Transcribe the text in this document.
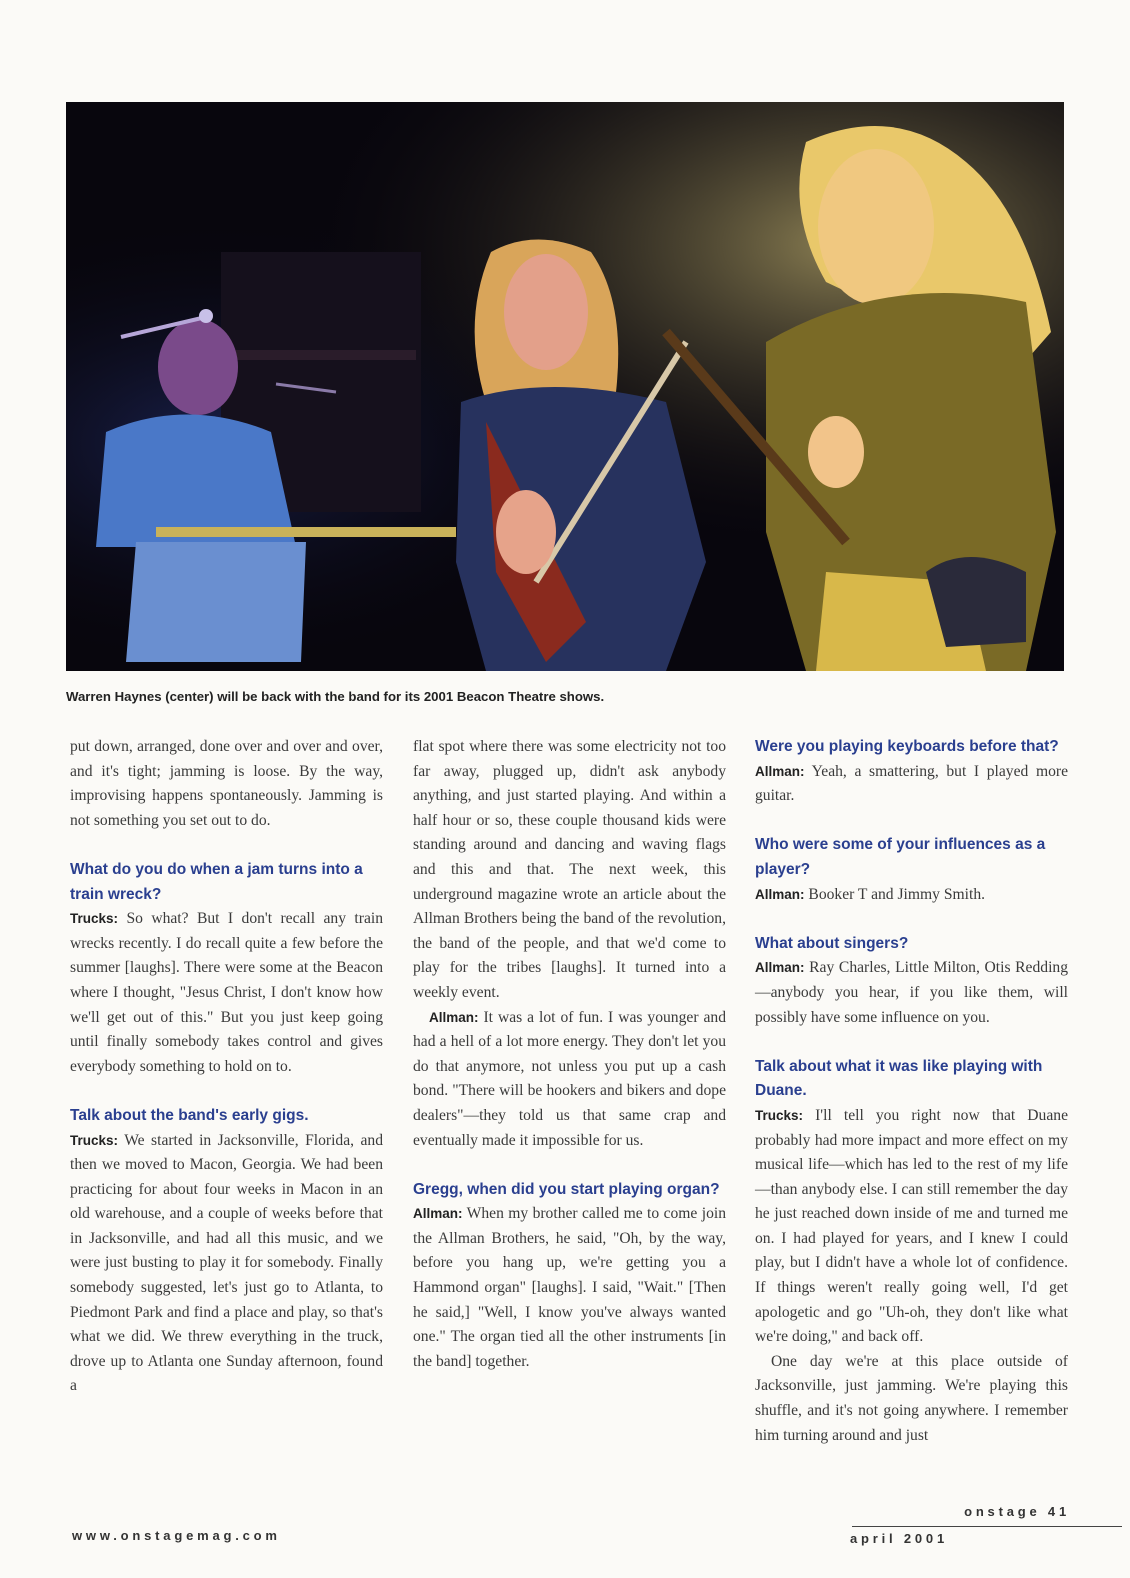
Warren Haynes (center) will be back with the band for its 2001 Beacon Theatre shows.

put down, arranged, done over and over and over, and it's tight; jamming is loose. By the way, improvising happens spontaneously. Jamming is not something you set out to do.

What do you do when a jam turns into a train wreck?

Trucks: So what? But I don't recall any train wrecks recently. I do recall quite a few before the summer [laughs]. There were some at the Beacon where I thought, "Jesus Christ, I don't know how we'll get out of this." But you just keep going until finally somebody takes control and gives everybody something to hold on to.

Talk about the band's early gigs.

Trucks: We started in Jacksonville, Florida, and then we moved to Macon, Georgia. We had been practicing for about four weeks in Macon in an old warehouse, and a couple of weeks before that in Jacksonville, and had all this music, and we were just busting to play it for somebody. Finally somebody suggested, let's just go to Atlanta, to Piedmont Park and find a place and play, so that's what we did. We threw everything in the truck, drove up to Atlanta one Sunday afternoon, found a

flat spot where there was some electricity not too far away, plugged up, didn't ask anybody anything, and just started playing. And within a half hour or so, these couple thousand kids were standing around and dancing and waving flags and this and that. The next week, this underground magazine wrote an article about the Allman Brothers being the band of the revolution, the band of the people, and that we'd come to play for the tribes [laughs]. It turned into a weekly event.

Allman: It was a lot of fun. I was younger and had a hell of a lot more energy. They don't let you do that anymore, not unless you put up a cash bond. "There will be hookers and bikers and dope dealers"—they told us that same crap and eventually made it impossible for us.

Gregg, when did you start playing organ?

Allman: When my brother called me to come join the Allman Brothers, he said, "Oh, by the way, before you hang up, we're getting you a Hammond organ" [laughs]. I said, "Wait." [Then he said,] "Well, I know you've always wanted one." The organ tied all the other instruments [in the band] together.

Were you playing keyboards before that?

Allman: Yeah, a smattering, but I played more guitar.

Who were some of your influences as a player?

Allman: Booker T and Jimmy Smith.

What about singers?

Allman: Ray Charles, Little Milton, Otis Redding—anybody you hear, if you like them, will possibly have some influence on you.

Talk about what it was like playing with Duane.

Trucks: I'll tell you right now that Duane probably had more impact and more effect on my musical life—which has led to the rest of my life—than anybody else. I can still remember the day he just reached down inside of me and turned me on. I had played for years, and I knew I could play, but I didn't have a whole lot of confidence. If things weren't really going well, I'd get apologetic and go "Uh-oh, they don't like what we're doing," and back off.

One day we're at this place outside of Jacksonville, just jamming. We're playing this shuffle, and it's not going anywhere. I remember him turning around and just

www.onstagemag.com
onstage 41
april 2001
